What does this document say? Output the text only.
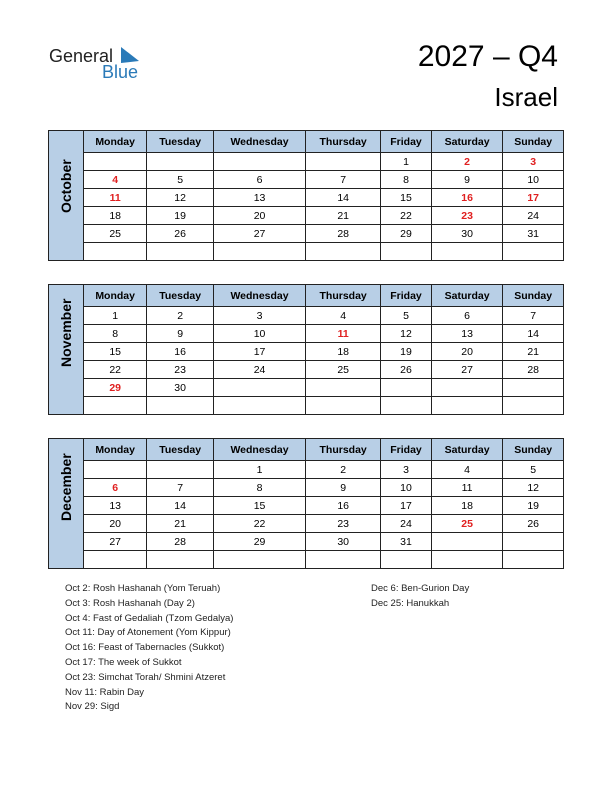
General
Blue	2027 – Q4
Israel
October	Monday	Tuesday	Wednesday	Thursday	Friday	Saturday	Sunday
					1	2	3
	4	5	6	7	8	9	10
	11	12	13	14	15	16	17
	18	19	20	21	22	23	24
	25	26	27	28	29	30	31

November	Monday	Tuesday	Wednesday	Thursday	Friday	Saturday	Sunday
	1	2	3	4	5	6	7
	8	9	10	11	12	13	14
	15	16	17	18	19	20	21
	22	23	24	25	26	27	28
	29	30					

December	Monday	Tuesday	Wednesday	Thursday	Friday	Saturday	Sunday
			1	2	3	4	5
	6	7	8	9	10	11	12
	13	14	15	16	17	18	19
	20	21	22	23	24	25	26
	27	28	29	30	31		

Oct 2: Rosh Hashanah (Yom Teruah)
Oct 3: Rosh Hashanah (Day 2)
Oct 4: Fast of Gedaliah (Tzom Gedalya)
Oct 11: Day of Atonement (Yom Kippur)
Oct 16: Feast of Tabernacles (Sukkot)
Oct 17: The week of Sukkot
Oct 23: Simchat Torah/ Shmini Atzeret
Nov 11: Rabin Day
Nov 29: Sigd
Dec 6: Ben-Gurion Day
Dec 25: Hanukkah
